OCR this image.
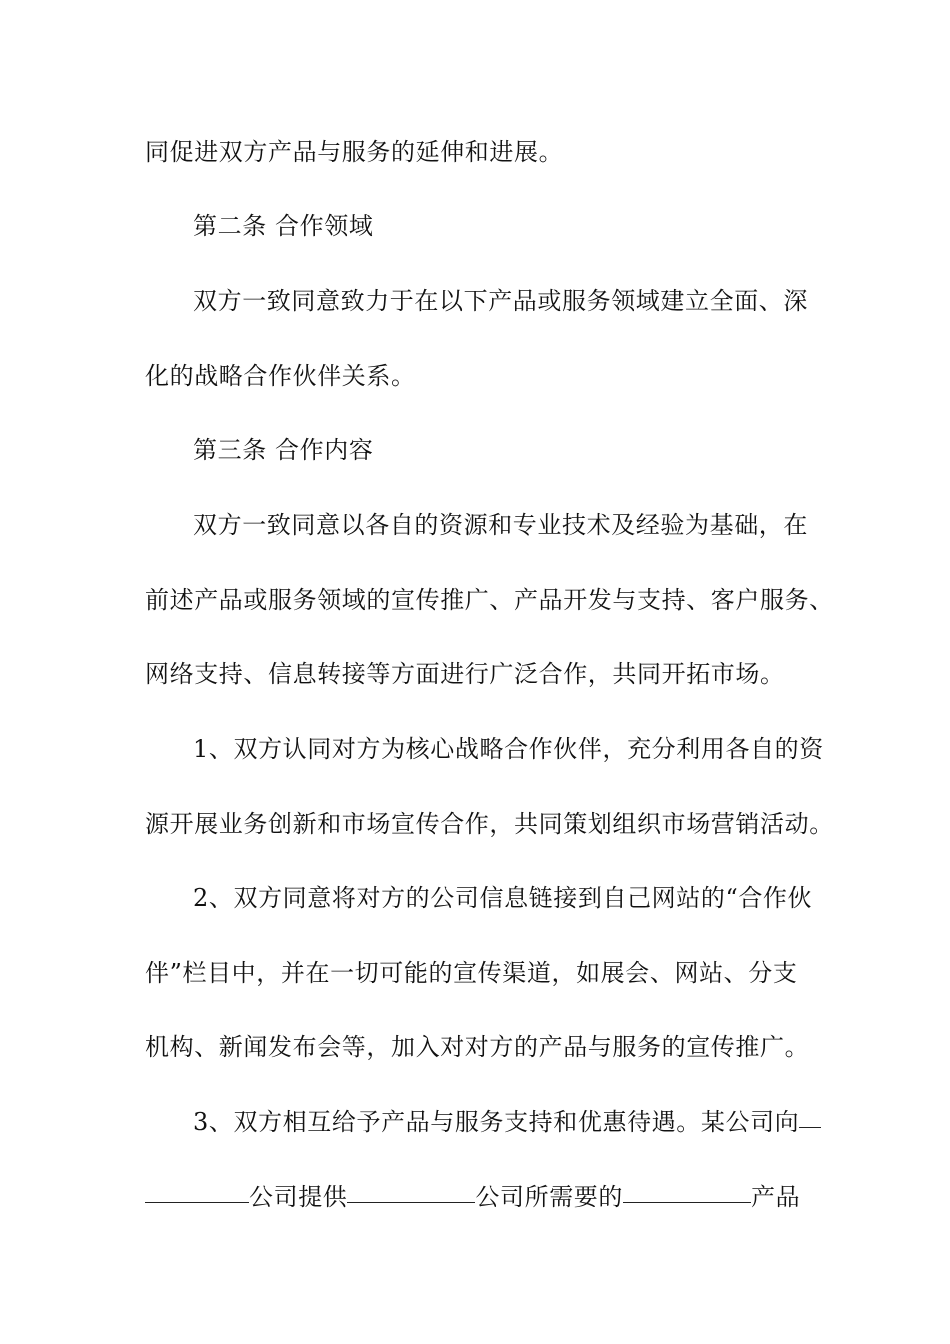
同促进双方产品与服务的延伸和进展。
第二条 合作领域
双方一致同意致力于在以下产品或服务领域建立全面、深
化的战略合作伙伴关系。
第三条 合作内容
双方一致同意以各自的资源和专业技术及经验为基础，在
前述产品或服务领域的宣传推广、产品开发与支持、客户服务、
网络支持、信息转接等方面进行广泛合作，共同开拓市场。
1、双方认同对方为核心战略合作伙伴，充分利用各自的资
源开展业务创新和市场宣传合作，共同策划组织市场营销活动。
2、双方同意将对方的公司信息链接到自己网站的“合作伙
伴”栏目中，并在一切可能的宣传渠道，如展会、网站、分支
机构、新闻发布会等，加入对对方的产品与服务的宣传推广。
3、双方相互给予产品与服务支持和优惠待遇。某公司向
公司提供	公司所需要的	产品
